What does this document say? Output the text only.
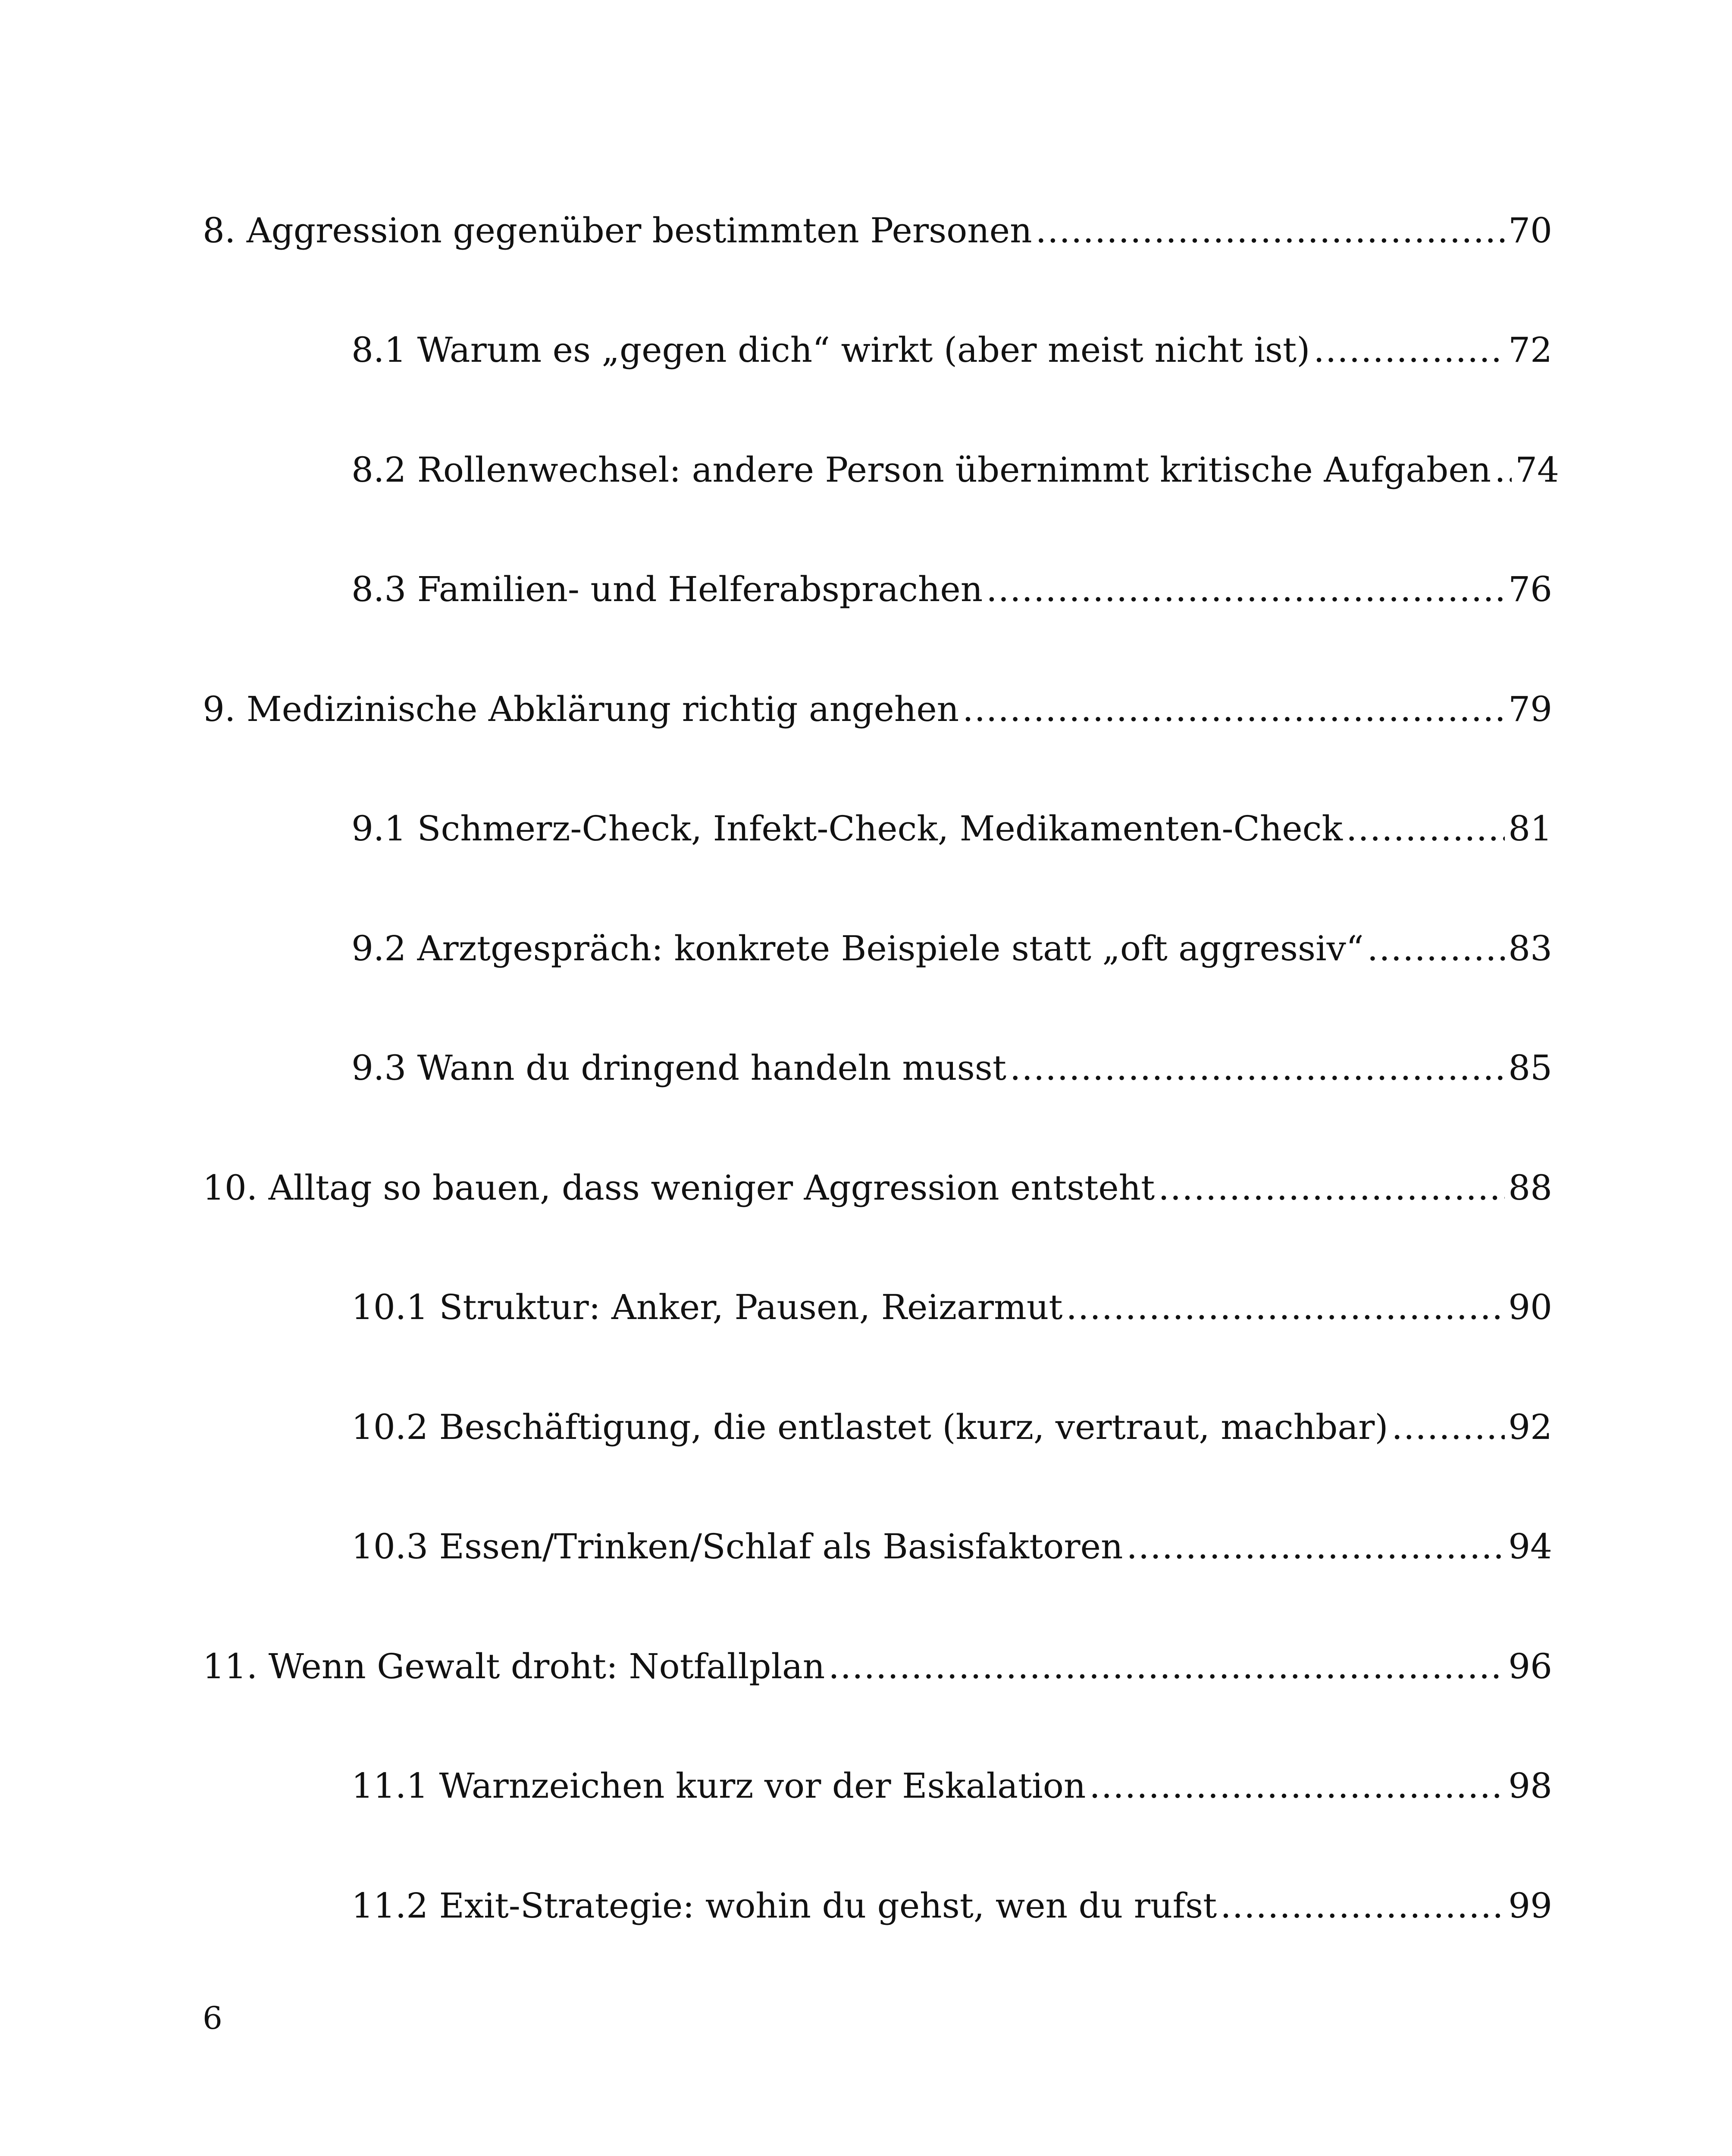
8. Aggression gegenüber bestimmten Personen .....	70
8.1 Warum es „gegen dich“ wirkt (aber meist nicht ist) .....	72
8.2 Rollenwechsel: andere Person übernimmt kritische Aufgaben ..... 74
8.3 Familien- und Helferabsprachen .....	76
9. Medizinische Abklärung richtig angehen .....	79
9.1 Schmerz-Check, Infekt-Check, Medikamenten-Check .....	81
9.2 Arztgespräch: konkrete Beispiele statt „oft aggressiv“ .....	83
9.3 Wann du dringend handeln musst .....	85
10. Alltag so bauen, dass weniger Aggression entsteht .....	88
10.1 Struktur: Anker, Pausen, Reizarmut .....	90
10.2 Beschäftigung, die entlastet (kurz, vertraut, machbar) .....	92
10.3 Essen/Trinken/Schlaf als Basisfaktoren .....	94
11. Wenn Gewalt droht: Notfallplan .....	96
11.1 Warnzeichen kurz vor der Eskalation .....	98
11.2 Exit-Strategie: wohin du gehst, wen du rufst .....	99
6
